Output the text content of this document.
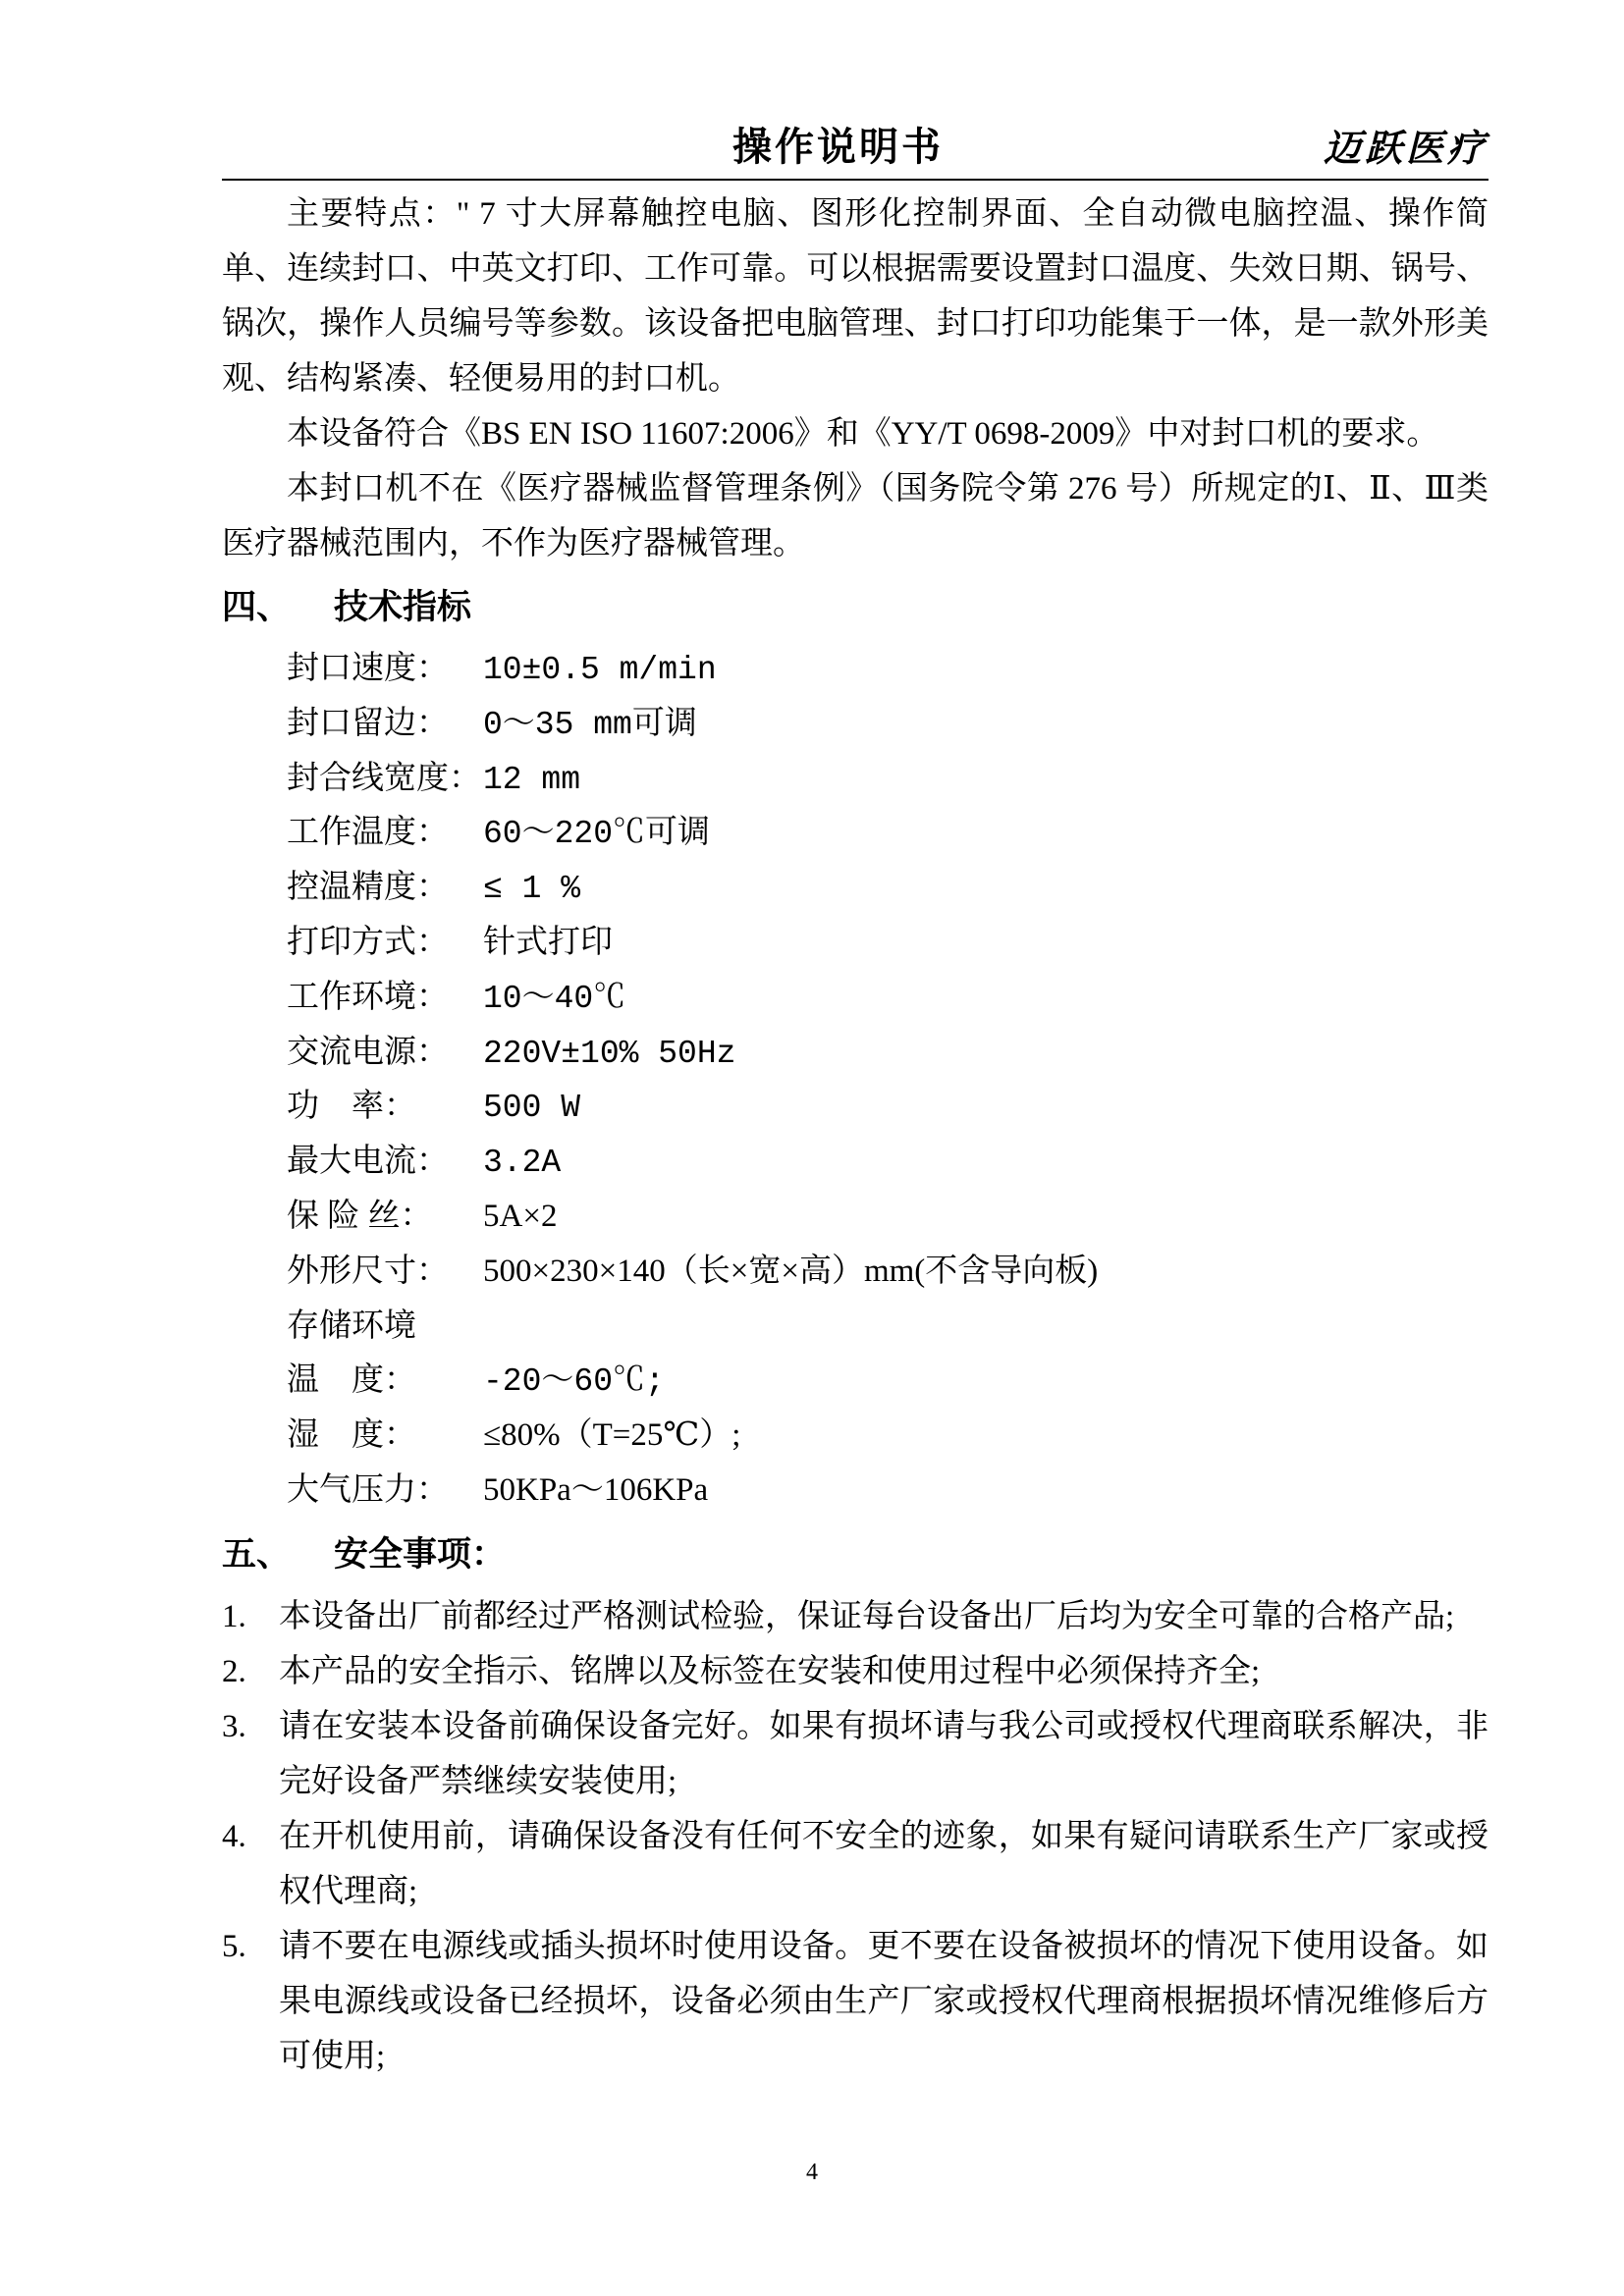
操作说明书	迈跃医疗

主要特点：" 7 寸大屏幕触控电脑、图形化控制界面、全自动微电脑控温、操作简单、连续封口、中英文打印、工作可靠。可以根据需要设置封口温度、失效日期、锅号、锅次，操作人员编号等参数。该设备把电脑管理、封口打印功能集于一体，是一款外形美观、结构紧凑、轻便易用的封口机。

本设备符合《BS EN ISO 11607:2006》和《YY/T 0698-2009》中对封口机的要求。

本封口机不在《医疗器械监督管理条例》（国务院令第 276 号）所规定的Ⅰ、Ⅱ、Ⅲ类医疗器械范围内，不作为医疗器械管理。

四、 技术指标
封口速度： 10±0.5 m/min
封口留边： 0～35 mm可调
封合线宽度：12 mm
工作温度： 60～220℃可调
控温精度： ≤ 1 %
打印方式： 针式打印
工作环境： 10～40℃
交流电源： 220V±10% 50Hz
功    率： 500 W
最大电流： 3.2A
保 险 丝： 5A×2
外形尺寸： 500×230×140（长×宽×高）mm(不含导向板)
存储环境
温    度： -20～60℃;
湿    度： ≤80%（T=25℃）;
大气压力： 50KPa～106KPa
五、 安全事项：
1.	本设备出厂前都经过严格测试检验，保证每台设备出厂后均为安全可靠的合格产品;
2.	本产品的安全指示、铭牌以及标签在安装和使用过程中必须保持齐全;
3.	请在安装本设备前确保设备完好。如果有损坏请与我公司或授权代理商联系解决，非完好设备严禁继续安装使用;
4.	在开机使用前，请确保设备没有任何不安全的迹象，如果有疑问请联系生产厂家或授权代理商;
5.	请不要在电源线或插头损坏时使用设备。更不要在设备被损坏的情况下使用设备。如果电源线或设备已经损坏，设备必须由生产厂家或授权代理商根据损坏情况维修后方可使用;
4
